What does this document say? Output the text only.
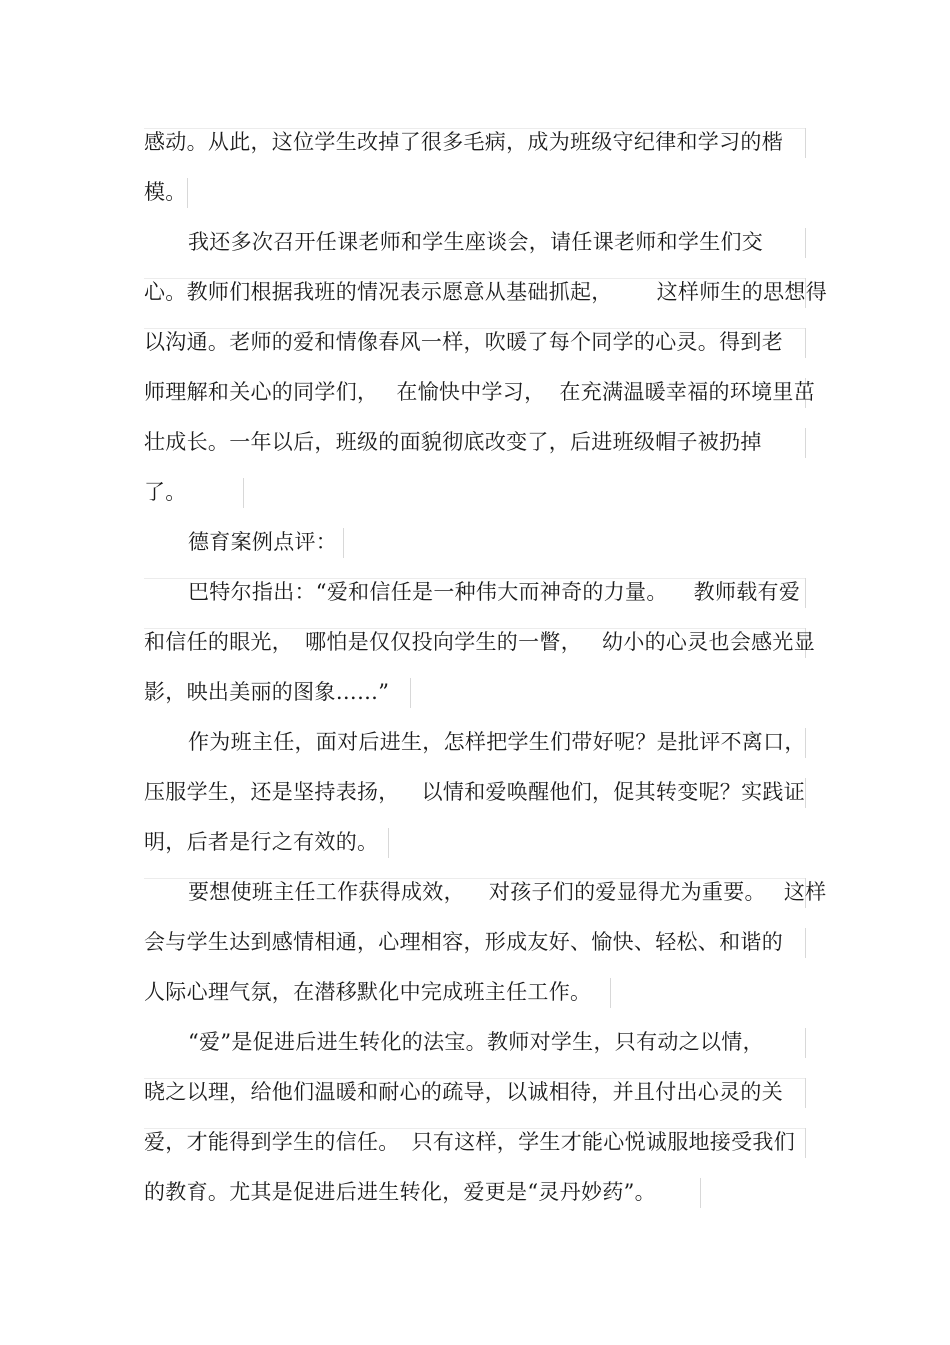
感动。从此，这位学生改掉了很多毛病，成为班级守纪律和学习的楷
模。
我还多次召开任课老师和学生座谈会，请任课老师和学生们交
心。教师们根据我班的情况表示愿意从基础抓起， 这样师生的思想得
以沟通。老师的爱和情像春风一样，吹暖了每个同学的心灵。得到老
师理解和关心的同学们， 在愉快中学习， 在充满温暖幸福的环境里茁
壮成长。一年以后，班级的面貌彻底改变了，后进班级帽子被扔掉
了。
德育案例点评：
巴特尔指出：“爱和信任是一种伟大而神奇的力量。 教师载有爱
和信任的眼光， 哪怕是仅仅投向学生的一瞥， 幼小的心灵也会感光显
影，映出美丽的图象……”
作为班主任，面对后进生，怎样把学生们带好呢？是批评不离口，
压服学生，还是坚持表扬， 以情和爱唤醒他们，促其转变呢？实践证
明，后者是行之有效的。
要想使班主任工作获得成效， 对孩子们的爱显得尤为重要。 这样
会与学生达到感情相通，心理相容，形成友好、愉快、轻松、和谐的
人际心理气氛，在潜移默化中完成班主任工作。
“爱”是促进后进生转化的法宝。教师对学生，只有动之以情，
晓之以理，给他们温暖和耐心的疏导，以诚相待，并且付出心灵的关
爱，才能得到学生的信任。 只有这样，学生才能心悦诚服地接受我们
的教育。尤其是促进后进生转化，爱更是“灵丹妙药”。
